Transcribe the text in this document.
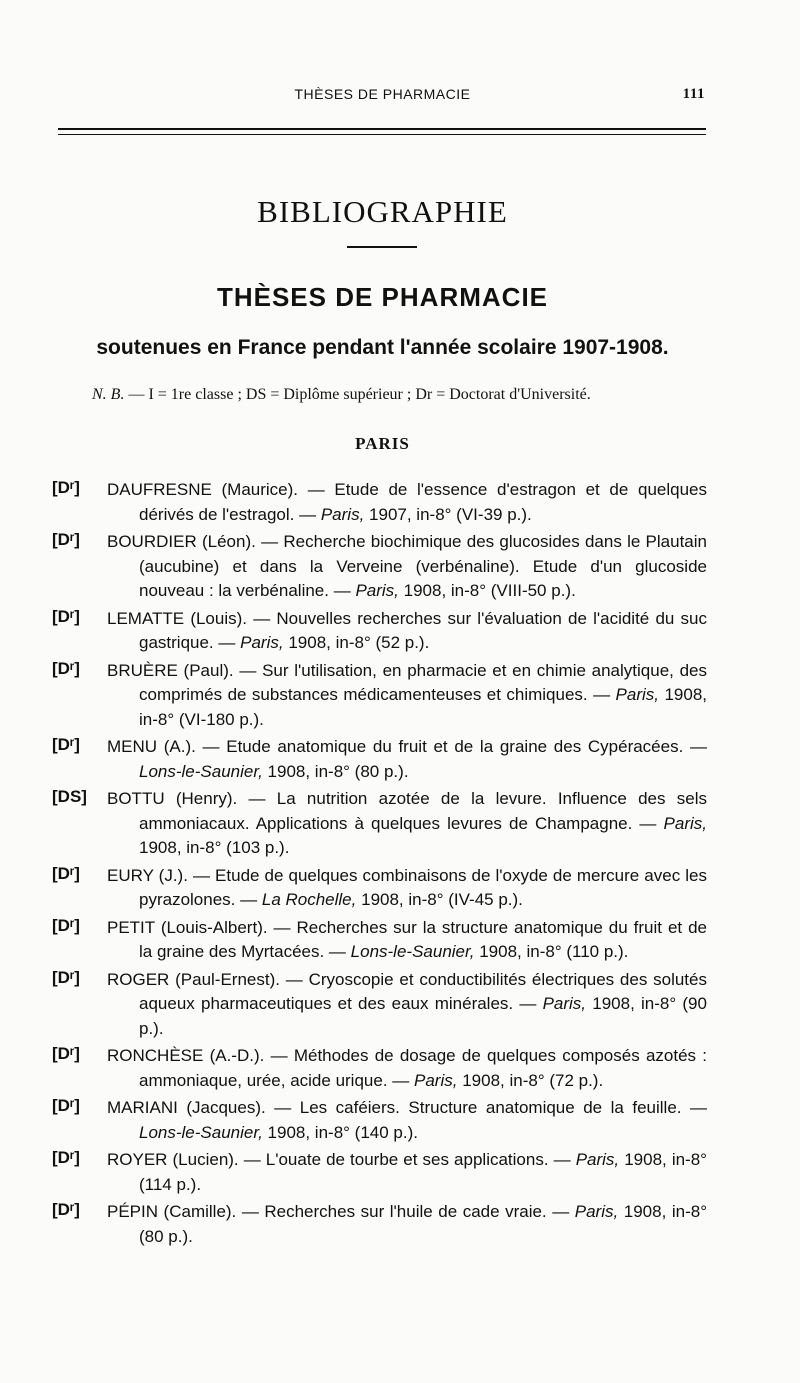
THÈSES DE PHARMACIE	111
BIBLIOGRAPHIE
THÈSES DE PHARMACIE
soutenues en France pendant l'année scolaire 1907-1908.
N. B. — I = 1re classe ; DS = Diplôme supérieur ; Dr = Doctorat d'Université.
PARIS
[Dʳ] DAUFRESNE (Maurice). — Etude de l'essence d'estragon et de quelques dérivés de l'estragol. — Paris, 1907, in-8° (VI-39 p.).
[Dʳ] BOURDIER (Léon). — Recherche biochimique des glucosides dans le Plautain (aucubine) et dans la Verveine (verbénaline). Etude d'un glucoside nouveau : la verbénaline. — Paris, 1908, in-8° (VIII-50 p.).
[Dʳ] LEMATTE (Louis). — Nouvelles recherches sur l'évaluation de l'acidité du suc gastrique. — Paris, 1908, in-8° (52 p.).
[Dʳ] BRUÈRE (Paul). — Sur l'utilisation, en pharmacie et en chimie analytique, des comprimés de substances médicamenteuses et chimiques. — Paris, 1908, in-8° (VI-180 p.).
[Dʳ] MENU (A.). — Etude anatomique du fruit et de la graine des Cypéracées. — Lons-le-Saunier, 1908, in-8° (80 p.).
[DS] BOTTU (Henry). — La nutrition azotée de la levure. Influence des sels ammoniacaux. Applications à quelques levures de Champagne. — Paris, 1908, in-8° (103 p.).
[Dʳ] EURY (J.). — Etude de quelques combinaisons de l'oxyde de mercure avec les pyrazolones. — La Rochelle, 1908, in-8° (IV-45 p.).
[Dʳ] PETIT (Louis-Albert). — Recherches sur la structure anatomique du fruit et de la graine des Myrtacées. — Lons-le-Saunier, 1908, in-8° (110 p.).
[Dʳ] ROGER (Paul-Ernest). — Cryoscopie et conductibilités électriques des solutés aqueux pharmaceutiques et des eaux minérales. — Paris, 1908, in-8° (90 p.).
[Dʳ] RONCHÈSE (A.-D.). — Méthodes de dosage de quelques composés azotés : ammoniaque, urée, acide urique. — Paris, 1908, in-8° (72 p.).
[Dʳ] MARIANI (Jacques). — Les caféiers. Structure anatomique de la feuille. — Lons-le-Saunier, 1908, in-8° (140 p.).
[Dʳ] ROYER (Lucien). — L'ouate de tourbe et ses applications. — Paris, 1908, in-8° (114 p.).
[Dʳ] PÉPIN (Camille). — Recherches sur l'huile de cade vraie. — Paris, 1908, in-8° (80 p.).
